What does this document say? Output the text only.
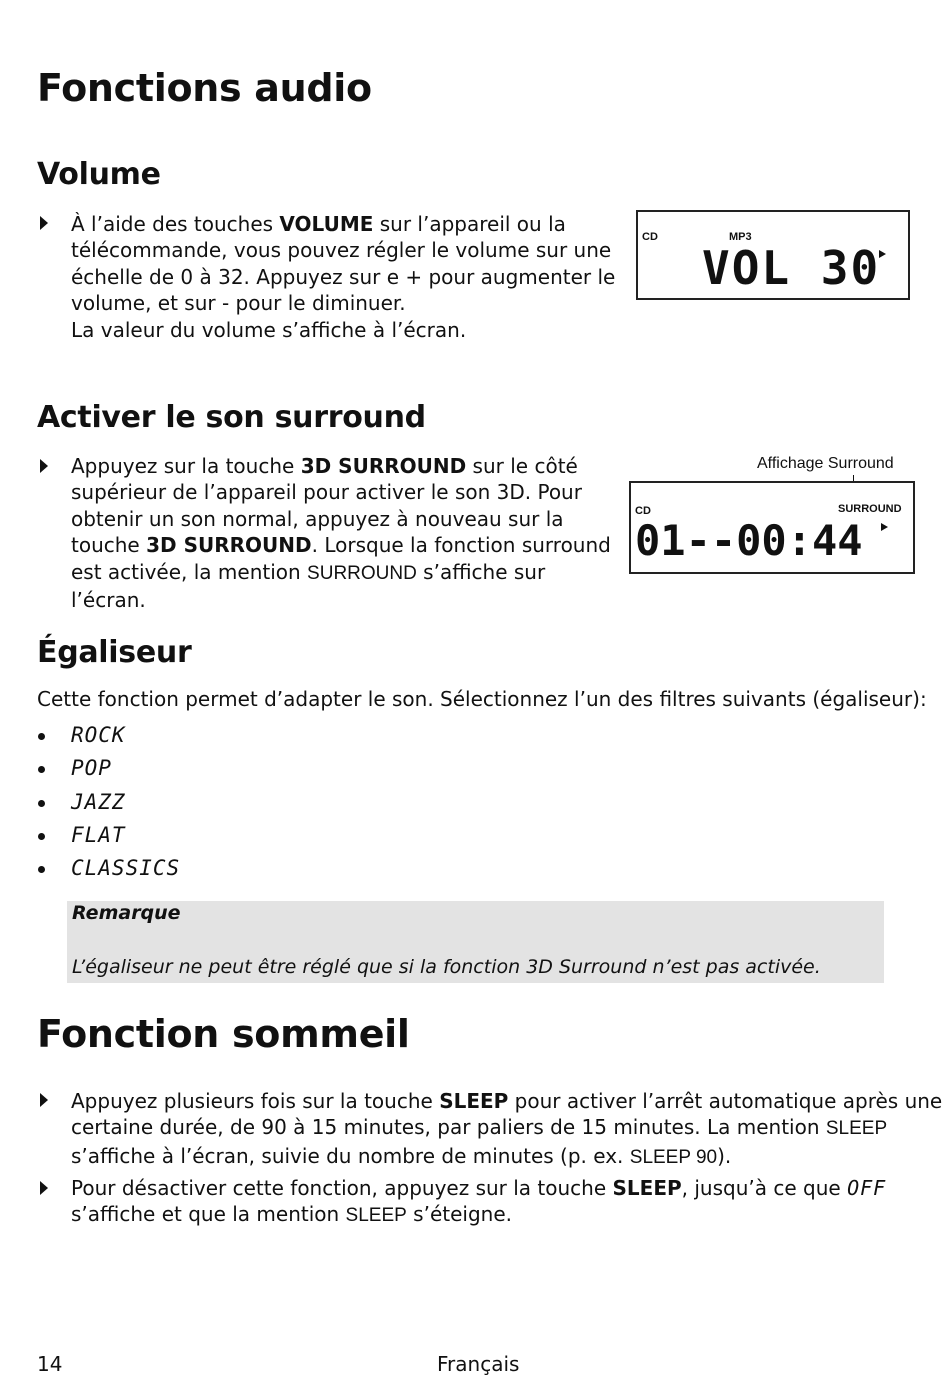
Fonctions audio
Volume
À l’aide des touches VOLUME sur l’appareil ou la
télécommande, vous pouvez régler le volume sur une
échelle de 0 à 32. Appuyez sur e + pour augmenter le
volume, et sur - pour le diminuer.
La valeur du volume s’affiche à l’écran.
CD	MP3
VOL 30
Activer le son surround
Appuyez sur la touche 3D SURROUND sur le côté
supérieur de l’appareil pour activer le son 3D. Pour
obtenir un son normal, appuyez à nouveau sur la
touche 3D SURROUND. Lorsque la fonction surround
est activée, la mention SURROUND s’affiche sur
l’écran.
Affichage Surround
CD	SURROUND
01--00:44
Égaliseur

Cette fonction permet d’adapter le son. Sélectionnez l’un des filtres suivants (égaliseur):

ROCK
POP
JAZZ
FLAT
CLASSICS
Remarque
L’égaliseur ne peut être réglé que si la fonction 3D Surround n’est pas activée.
Fonction sommeil
Appuyez plusieurs fois sur la touche SLEEP pour activer l’arrêt automatique après une
certaine durée, de 90 à 15 minutes, par paliers de 15 minutes. La mention SLEEP
s’affiche à l’écran, suivie du nombre de minutes (p. ex. SLEEP 90).
Pour désactiver cette fonction, appuyez sur la touche SLEEP, jusqu’à ce que OFF
s’affiche et que la mention SLEEP s’éteigne.
14	Français
